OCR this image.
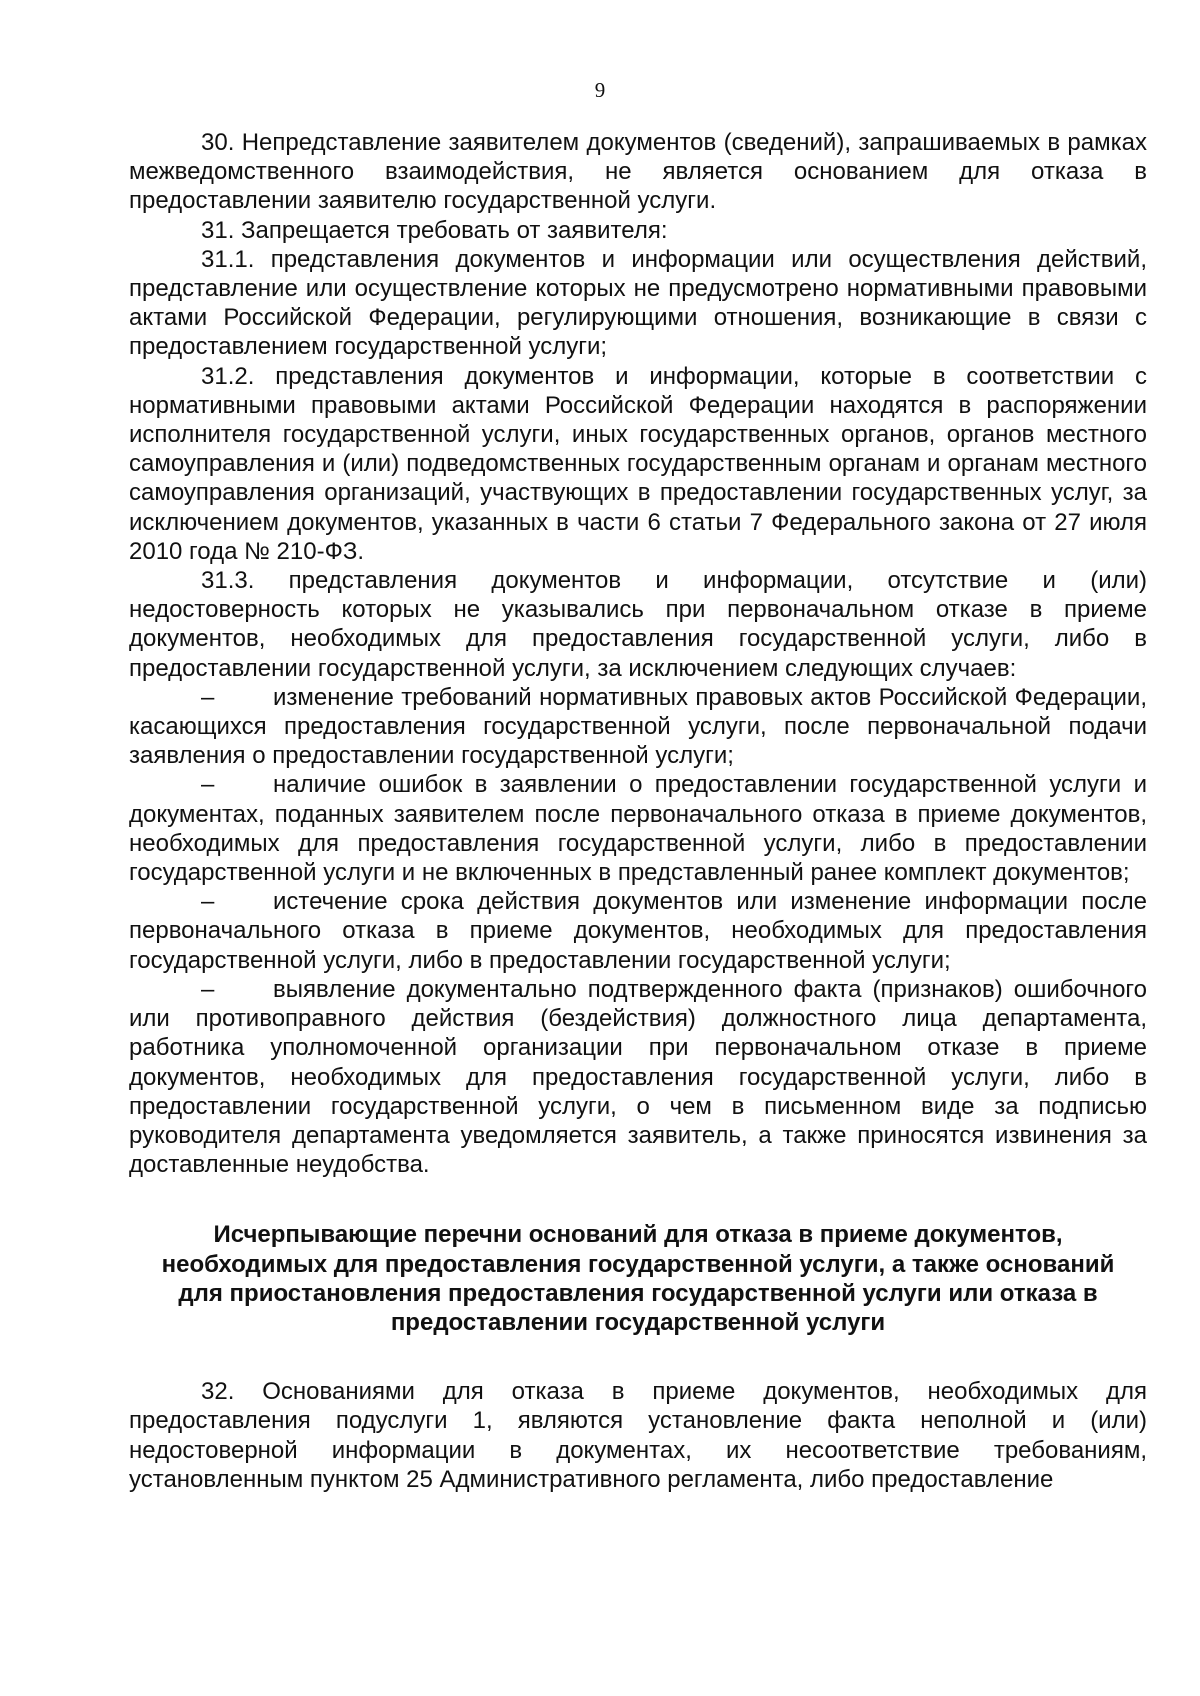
9

30. Непредставление заявителем документов (сведений), запрашиваемых в рамках межведомственного взаимодействия, не является основанием для отказа в предоставлении заявителю государственной услуги.

31. Запрещается требовать от заявителя:

31.1. представления документов и информации или осуществления действий, представление или осуществление которых не предусмотрено нормативными правовыми актами Российской Федерации, регулирующими отношения, возникающие в связи с предоставлением государственной услуги;

31.2. представления документов и информации, которые в соответствии с нормативными правовыми актами Российской Федерации находятся в распоряжении исполнителя государственной услуги, иных государственных органов, органов местного самоуправления и (или) подведомственных государственным органам и органам местного самоуправления организаций, участвующих в предоставлении государственных услуг, за исключением документов, указанных в части 6 статьи 7 Федерального закона от 27 июля 2010 года № 210-ФЗ.

31.3. представления документов и информации, отсутствие и (или) недостоверность которых не указывались при первоначальном отказе в приеме документов, необходимых для предоставления государственной услуги, либо в предоставлении государственной услуги, за исключением следующих случаев:

– изменение требований нормативных правовых актов Российской Федерации, касающихся предоставления государственной услуги, после первоначальной подачи заявления о предоставлении государственной услуги;

– наличие ошибок в заявлении о предоставлении государственной услуги и документах, поданных заявителем после первоначального отказа в приеме документов, необходимых для предоставления государственной услуги, либо в предоставлении государственной услуги и не включенных в представленный ранее комплект документов;

– истечение срока действия документов или изменение информации после первоначального отказа в приеме документов, необходимых для предоставления государственной услуги, либо в предоставлении государственной услуги;

– выявление документально подтвержденного факта (признаков) ошибочного или противоправного действия (бездействия) должностного лица департамента, работника уполномоченной организации при первоначальном отказе в приеме документов, необходимых для предоставления государственной услуги, либо в предоставлении государственной услуги, о чем в письменном виде за подписью руководителя департамента уведомляется заявитель, а также приносятся извинения за доставленные неудобства.

Исчерпывающие перечни оснований для отказа в приеме документов, необходимых для предоставления государственной услуги, а также оснований для приостановления предоставления государственной услуги или отказа в предоставлении государственной услуги

32. Основаниями для отказа в приеме документов, необходимых для предоставления подуслуги 1, являются установление факта неполной и (или) недостоверной информации в документах, их несоответствие требованиям, установленным пунктом 25 Административного регламента, либо предоставление
